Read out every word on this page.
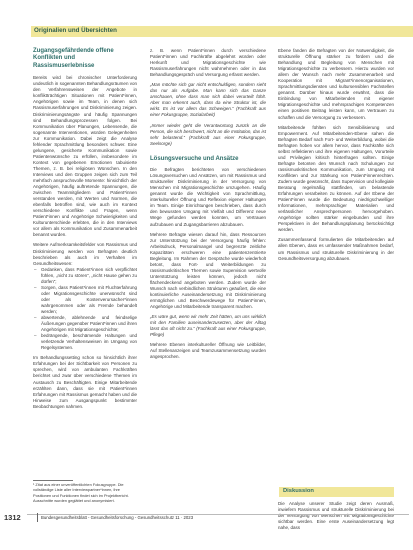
Originalien und Übersichten
Zugangsgefährdende offene Konflikten und Rassismuserlebnisse

Bereits wird bei chronischer Unterforderung undeutlich in sogenannten Behandlungsräumen von den Verfahrensweisen der Angebote in konfliktträchtigen Situationen mit Patient*innen, Angehörigen sowie im Team, in denen sich Rassismuserfahrungen und Diskriminierung zeigen. Diskriminierungsängste und häufig Spannungen sind Behandlungsprozessen folgen. Bei Kommunikation über Planungen, Lebensende, die sogenannte Interventionen, würden Gelegenheiten zur Kommunikation. Dabei zeigt die Analyse fehlender Sprachmittlung besonders schwer. Eine gelungene, gesicherte Kommunikation sowie Patientenwünsche zu erfüllen, insbesondere im Kontext von gegebenen Emotionen tabuisierte Themen, z. B. bei religiösen Wünschen. In den Interviews und den Gruppen zeigen sich zum Teil mehrfach anspruchsvolle Momente: hinsichtlich der Angehörigen, häufig auftretende Spannungen, die zwischen Teammitgliedern und Patient*innen verstanden werden, mit Werten und Normen, die ebenfalls betroffen sind, wie auch im Kontext verschiedene Konflikte und Fragen, wenn Patient*innen und Angehörige Schwierigkeiten und Kulturunterschiede erlebten, die in den Interviews vor allem als Kommunikation und Zusammenarbeit benannt wurden.

Weitere Aufmerksamkeitsfelder von Rassismus und Diskriminierung werden von Befragten deutlich beschrieben als auch im Verhalten im Gesundheitswesen:

– Gedanken, dass Patient*innen sich verpflichtet fühlen, „nicht zu stören“, „nicht Hause gehen zu dürfen“;
– Sorgen, dass Patient*innen mit Fluchterfahrung oder Migrationsgeschichte unerwünscht sind oder als Kostenverursacher*innen wahrgenommen oder als Fremde behandelt werden;
– abwertende, ablehnende und feindselige Äußerungen gegenüber Patient*innen und ihren Angehörigen mit Migrationsgeschichte;
– bedrängende, beschämende Haltungen und verletzende Verhaltensweisen im Umgang von Regelsystemen.

Im Behandlungssetting schon so hinsichtlich ihrer Erfahrungen bei der Sichtbarkeit von Personen zu sprechen, wird von ambulanten Fachkräften berichtet und zwar über verschiedene Themen im Austausch zu Beschäftigten. Einige Mitarbeitende erzählten dann, dass sie mit Patient*innen Erfahrungen mit Rassismus gemacht haben und die Hinweise zum Ausgangspunkt bestimmter Beobachtungen nahmen.

¹ Zitat aus einer unveröffentlichten Fokusgruppe. Die vollständige Liste aller Interviewpartner*innen, ihre Positionen und Funktionen findet sich im Projektbericht. Ausschnitte wurden geglättet und anonymisiert.

z. B. wenn Patient*innen durch verschiedene Patient*innen und Fachkräfte abgelehnt würden oder Herkunft und Migrationsgeschichte wie Rassismuserfahrungen nicht wahrnehmen oder in das Behandlungsgespräch und Versorgung erfasst werden.

„Man möchte sich gar nicht entschuldigen, sondern sieht das nur als Aufgabe. Man kann sich das Ganze anschauen, ohne dass man sich dabei verurteilt fühlt. Aber man erkennt auch, dass da eine Struktur ist, die wirkt. Es ist vor allem das Schweigen.“ (Fachkraft aus einer Fokusgruppe, Sozialarbeit)
„Immer wieder geht die Verantwortung zurück an die Person, die sich beschwert, nicht an die Institution, das ist sehr belastend.“ (Fachkraft aus einer Fokusgruppe, Seelsorge)
Lösungsversuche und Ansätze

Die Befragten berichteten von verschiedenen Lösungsversuchen und Ansätzen, um mit Rassismus und struktureller Diskriminierung in der Versorgung von Menschen mit Migrationsgeschichte umzugehen. Häufig genannt wurde die Wichtigkeit von Sprachmittlung, interkultureller Öffnung und Reflexion eigener Haltungen im Team. Einige Einrichtungen beschrieben, dass durch den bewussten Umgang mit Vielfalt und Differenz neue Wege gefunden werden konnten, um Vertrauen aufzubauen und Zugangsbarrieren abzubauen.

Mehrere Befragte wiesen darauf hin, dass Ressourcen zur Unterstützung bei der Versorgung häufig fehlen: Arbeitsdruck, Personalmangel und begrenzte zeitliche Kapazitäten erschweren eine patientenzentrierte Begleitung. Im Rahmen der Gespräche wurde wiederholt betont, dass Fort- und Weiterbildungen zu rassismuskritischen Themen sowie Supervision wertvolle Unterstützung leisten können, jedoch nicht flächendeckend angeboten werden. Zudem wurde der Wunsch nach verbindlichen Strukturen geäußert, die eine kontinuierliche Auseinandersetzung mit Diskriminierung ermöglichen und Beschwerdewege für Patient*innen, Angehörige und Mitarbeitende transparent machen.

„Es wäre gut, wenn wir mehr Zeit hätten, um uns wirklich mit den Familien auseinanderzusetzen, aber der Alltag lässt das oft nicht zu.“ (Fachkraft aus einer Fokusgruppe, Pflege)

Mehrere Ebenen interkultureller Öffnung wie Leitbilder, Auf Stellenanzeigen und Teamzusammensetzung wurden angesprochen.

Ebene fanden die Befragten von der Notwendigkeit, die strukturelle Öffnung stärker zu fördern und die Behandlung und Begleitung von Menschen mit Migrationsgeschichte zu verbessern. Hierzu wurden vor allem der Wunsch nach mehr Zusammenarbeit und Kooperation mit Migrant*innenorganisationen, Sprachmittlungsdiensten und kultursensiblen Fachstellen genannt. Darüber hinaus wurde erwähnt, dass die Einbindung von Mitarbeitenden mit eigener Migrationsgeschichte und mehrsprachigen Kompetenzen einen positiven Beitrag leisten kann, um Vertrauen zu schaffen und die Versorgung zu verbessern.

Mitarbeitende fühlten sich Sensibilisierung und Empowerment. Auf Mitarbeitenden-Ebene sahen die Befragten Bedarf nach Fort- und Weiterbildung, wobei die Befragten hoben vor allem hervor, dass Fachkräfte sich selbst reflektieren und ihre eigenen Haltungen, Vorurteile und Privilegien kritisch hinterfragen sollten. Einige Befragte betonten den Wunsch nach Schulungen zur rassismuskritischen Kommunikation, zum Umgang mit Konflikten und zur Stärkung von Patient*innenrechten. Zudem wurde gewünscht, dass Supervision und kollegiale Beratung regelmäßig stattfinden, um belastende Erfahrungen verarbeiten zu können. Auf der Ebene der Patient*innen wurde die Bedeutung niedrigschwelliger Informationen, mehrsprachiger Materialien und verlässlicher Ansprechpersonen hervorgehoben. Angehörige sollten stärker eingebunden und ihre Perspektiven in der Behandlungsplanung berücksichtigt werden.

Zusammenfassend formulierten die Mitarbeitenden auf allen Ebenen, dass es umfassender Maßnahmen bedarf, um Rassismus und strukturelle Diskriminierung in der Gesundheitsversorgung abzubauen.

Diskussion

Die Analyse unserer Studie zeigt deren Ausmaß, inwiefern Rassismus und strukturelle Diskriminierung bei der Versorgung von Menschen mit Migrationsgeschichte sichtbar werden. Eine erste Auseinandersetzung legt nahe, dass

1312	Bundesgesundheitsblatt - Gesundheitsforschung - Gesundheitsschutz 11 · 2023
